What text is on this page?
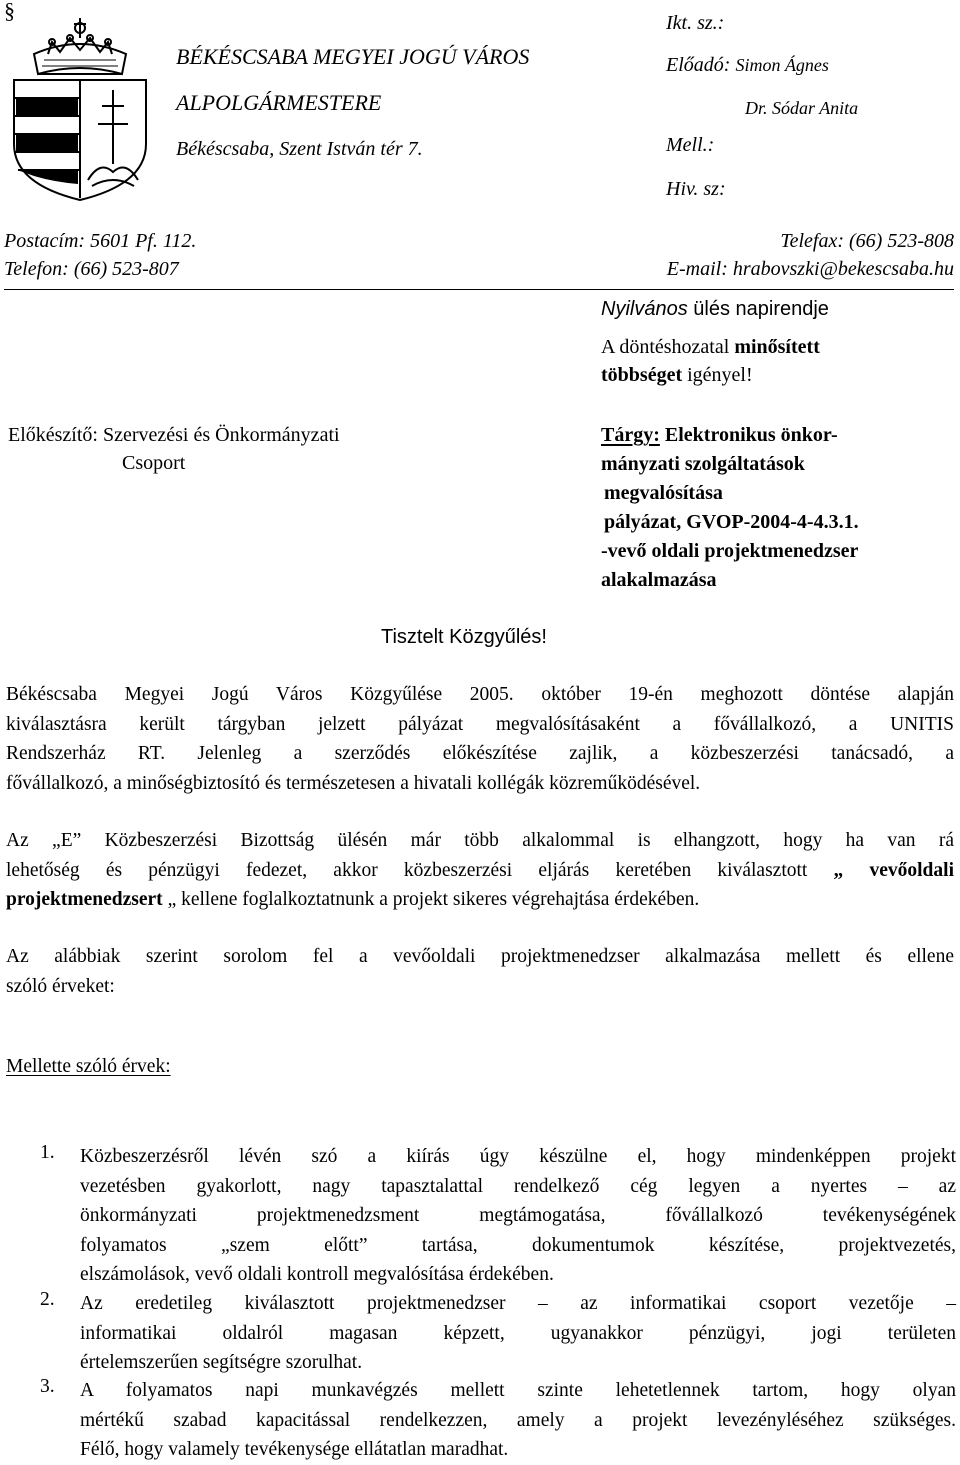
§
BÉKÉSCSABA MEGYEI JOGÚ VÁROS
ALPOLGÁRMESTERE
Békéscsaba, Szent István tér 7.
Ikt. sz.:
Előadó: Simon Ágnes
Dr. Sódar Anita
Mell.:
Hiv. sz:
Postacím: 5601 Pf. 112.
Telefon: (66) 523-807
Telefax: (66) 523-808
E-mail: hrabovszki@bekescsaba.hu
Nyilvános ülés napirendje
A döntéshozatal minősített
többséget igényel!
Előkészítő: Szervezési és Önkormányzati
Csoport
Tárgy: Elektronikus önkor-
mányzati szolgáltatások
megvalósítása
pályázat, GVOP-2004-4-4.3.1.
-vevő oldali projektmenedzser
alakalmazása
Tisztelt Közgyűlés!
Békéscsaba Megyei Jogú Város Közgyűlése 2005. október 19-én meghozott döntése alapján
kiválasztásra került tárgyban jelzett pályázat megvalósításaként a fővállalkozó, a UNITIS
Rendszerház RT. Jelenleg a szerződés előkészítése zajlik, a közbeszerzési tanácsadó, a
fővállalkozó, a minőségbiztosító és természetesen a hivatali kollégák közreműködésével.
Az „E” Közbeszerzési Bizottság ülésén már több alkalommal is elhangzott, hogy ha van rá
lehetőség és pénzügyi fedezet, akkor közbeszerzési eljárás keretében kiválasztott „ vevőoldali
projektmenedzsert „ kellene foglalkoztatnunk a projekt sikeres végrehajtása érdekében.
Az alábbiak szerint sorolom fel a vevőoldali projektmenedzser alkalmazása mellett és ellene
szóló érveket:
Mellette szóló érvek:
1. Közbeszerzésről lévén szó a kiírás úgy készülne el, hogy mindenképpen projekt
vezetésben gyakorlott, nagy tapasztalattal rendelkező cég legyen a nyertes – az
önkormányzati projektmenedzsment megtámogatása, fővállalkozó tevékenységének
folyamatos „szem előtt” tartása, dokumentumok készítése, projektvezetés,
elszámolások, vevő oldali kontroll megvalósítása érdekében.
2. Az eredetileg kiválasztott projektmenedzser – az informatikai csoport vezetője –
informatikai oldalról magasan képzett, ugyanakkor pénzügyi, jogi területen
értelemszerűen segítségre szorulhat.
3. A folyamatos napi munkavégzés mellett szinte lehetetlennek tartom, hogy olyan
mértékű szabad kapacitással rendelkezzen, amely a projekt levezényléséhez szükséges.
Félő, hogy valamely tevékenysége ellátatlan maradhat.
